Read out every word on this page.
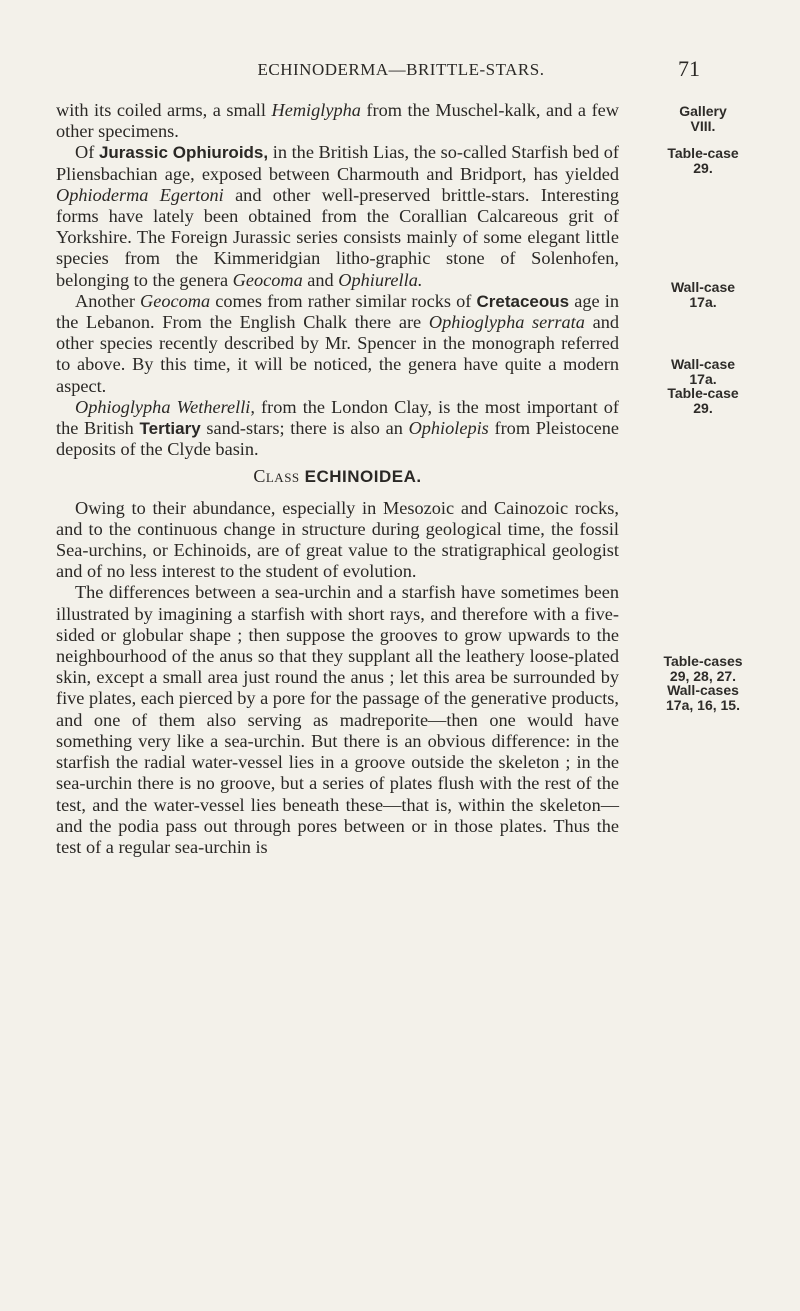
ECHINODERMA—BRITTLE-STARS.	71

with its coiled arms, a small Hemiglypha from the Muschel-kalk, and a few other specimens.

Of Jurassic Ophiuroids, in the British Lias, the so-called Starfish bed of Pliensbachian age, exposed between Charmouth and Bridport, has yielded Ophioderma Egertoni and other well-preserved brittle-stars. Interesting forms have lately been obtained from the Corallian Calcareous grit of Yorkshire. The Foreign Jurassic series consists mainly of some elegant little species from the Kimmeridgian litho-graphic stone of Solenhofen, belonging to the genera Geocoma and Ophiurella.

Another Geocoma comes from rather similar rocks of Cretaceous age in the Lebanon. From the English Chalk there are Ophioglypha serrata and other species recently described by Mr. Spencer in the monograph referred to above. By this time, it will be noticed, the genera have quite a modern aspect.

Ophioglypha Wetherelli, from the London Clay, is the most important of the British Tertiary sand-stars; there is also an Ophiolepis from Pleistocene deposits of the Clyde basin.

Class ECHINOIDEA.

Owing to their abundance, especially in Mesozoic and Cainozoic rocks, and to the continuous change in structure during geological time, the fossil Sea-urchins, or Echinoids, are of great value to the stratigraphical geologist and of no less interest to the student of evolution.

The differences between a sea-urchin and a starfish have sometimes been illustrated by imagining a starfish with short rays, and therefore with a five-sided or globular shape ; then suppose the grooves to grow upwards to the neighbourhood of the anus so that they supplant all the leathery loose-plated skin, except a small area just round the anus ; let this area be surrounded by five plates, each pierced by a pore for the passage of the generative products, and one of them also serving as madreporite—then one would have something very like a sea-urchin. But there is an obvious difference: in the starfish the radial water-vessel lies in a groove outside the skeleton ; in the sea-urchin there is no groove, but a series of plates flush with the rest of the test, and the water-vessel lies beneath these—that is, within the skeleton—and the podia pass out through pores between or in those plates. Thus the test of a regular sea-urchin is

Gallery
VIII.
Table-case
29.
Wall-case
17a.
Wall-case
17a.
Table-case
29.
Table-cases
29, 28, 27.
Wall-cases
17a, 16, 15.
